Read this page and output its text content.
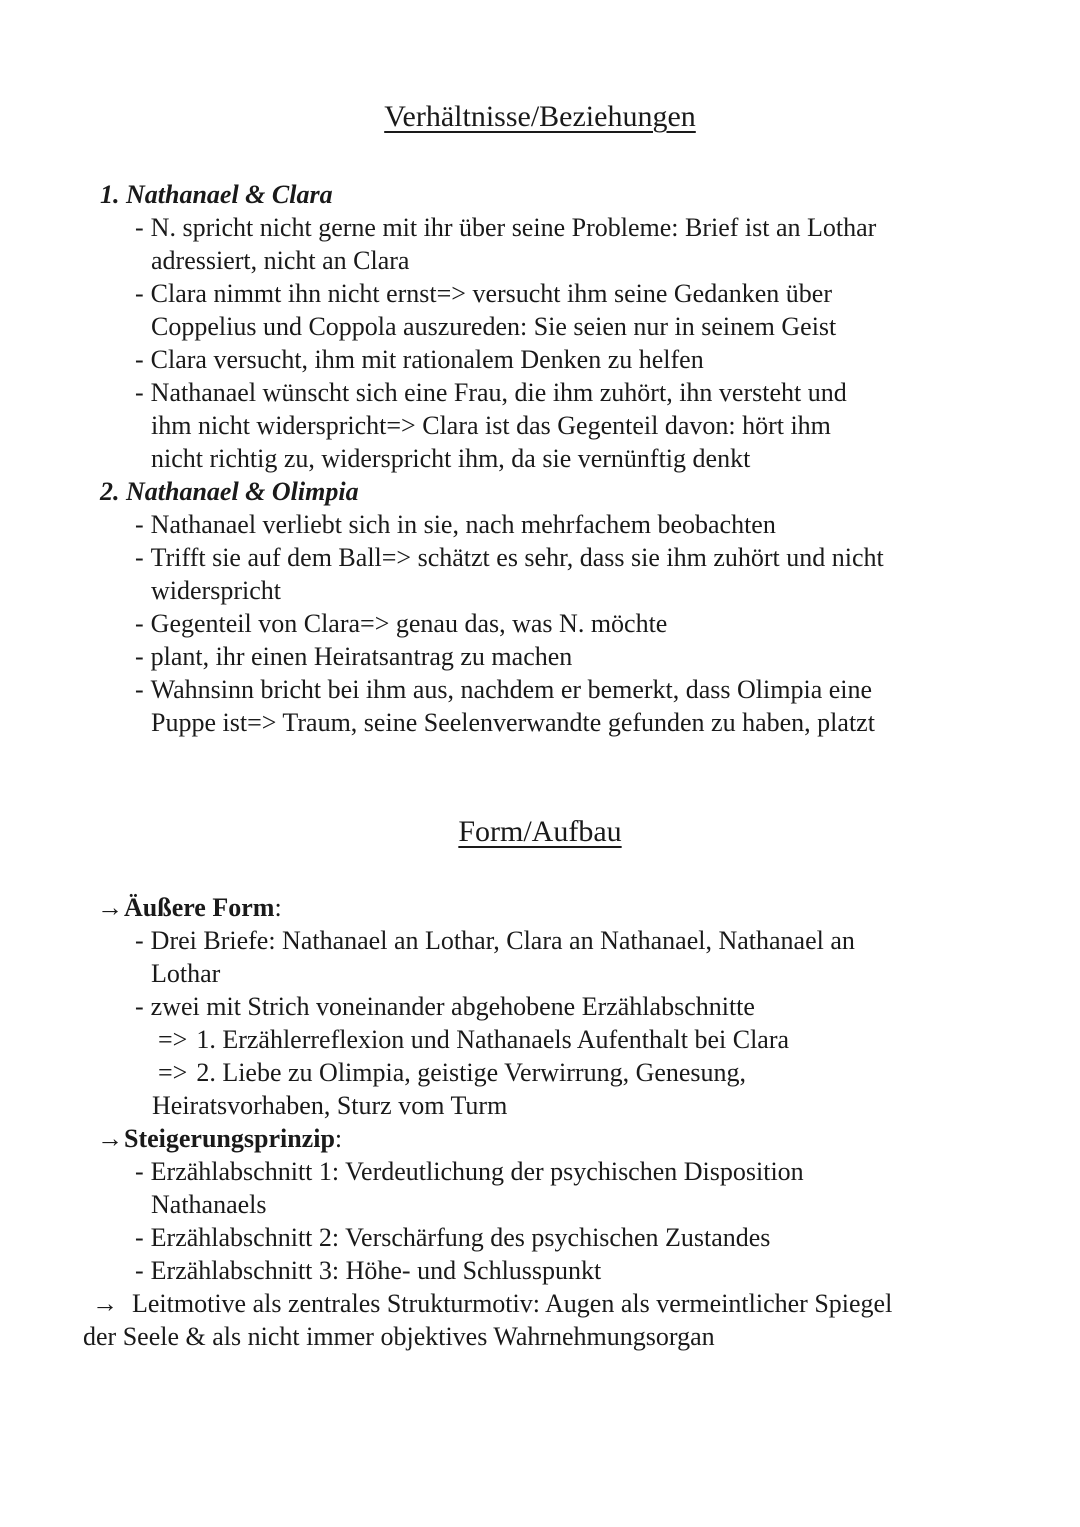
Verhältnisse/Beziehungen
1. Nathanael & Clara
- N. spricht nicht gerne mit ihr über seine Probleme: Brief ist an Lothar
adressiert, nicht an Clara
- Clara nimmt ihn nicht ernst=> versucht ihm seine Gedanken über
Coppelius und Coppola auszureden: Sie seien nur in seinem Geist
- Clara versucht, ihm mit rationalem Denken zu helfen
- Nathanael wünscht sich eine Frau, die ihm zuhört, ihn versteht und
ihm nicht widerspricht=> Clara ist das Gegenteil davon: hört ihm
nicht richtig zu, widerspricht ihm, da sie vernünftig denkt
2. Nathanael & Olimpia
- Nathanael verliebt sich in sie, nach mehrfachem beobachten
- Trifft sie auf dem Ball=> schätzt es sehr, dass sie ihm zuhört und nicht
widerspricht
- Gegenteil von Clara=> genau das, was N. möchte
- plant, ihr einen Heiratsantrag zu machen
- Wahnsinn bricht bei ihm aus, nachdem er bemerkt, dass Olimpia eine
Puppe ist=> Traum, seine Seelenverwandte gefunden zu haben, platzt
Form/Aufbau
→Äußere Form:
- Drei Briefe: Nathanael an Lothar, Clara an Nathanael, Nathanael an
Lothar
- zwei mit Strich voneinander abgehobene Erzählabschnitte
=> 1. Erzählerreflexion und Nathanaels Aufenthalt bei Clara
=> 2. Liebe zu Olimpia, geistige Verwirrung, Genesung,
Heiratsvorhaben, Sturz vom Turm
→Steigerungsprinzip:
- Erzählabschnitt 1: Verdeutlichung der psychischen Disposition
Nathanaels
- Erzählabschnitt 2: Verschärfung des psychischen Zustandes
- Erzählabschnitt 3: Höhe- und Schlusspunkt
→ Leitmotive als zentrales Strukturmotiv: Augen als vermeintlicher Spiegel
der Seele & als nicht immer objektives Wahrnehmungsorgan
